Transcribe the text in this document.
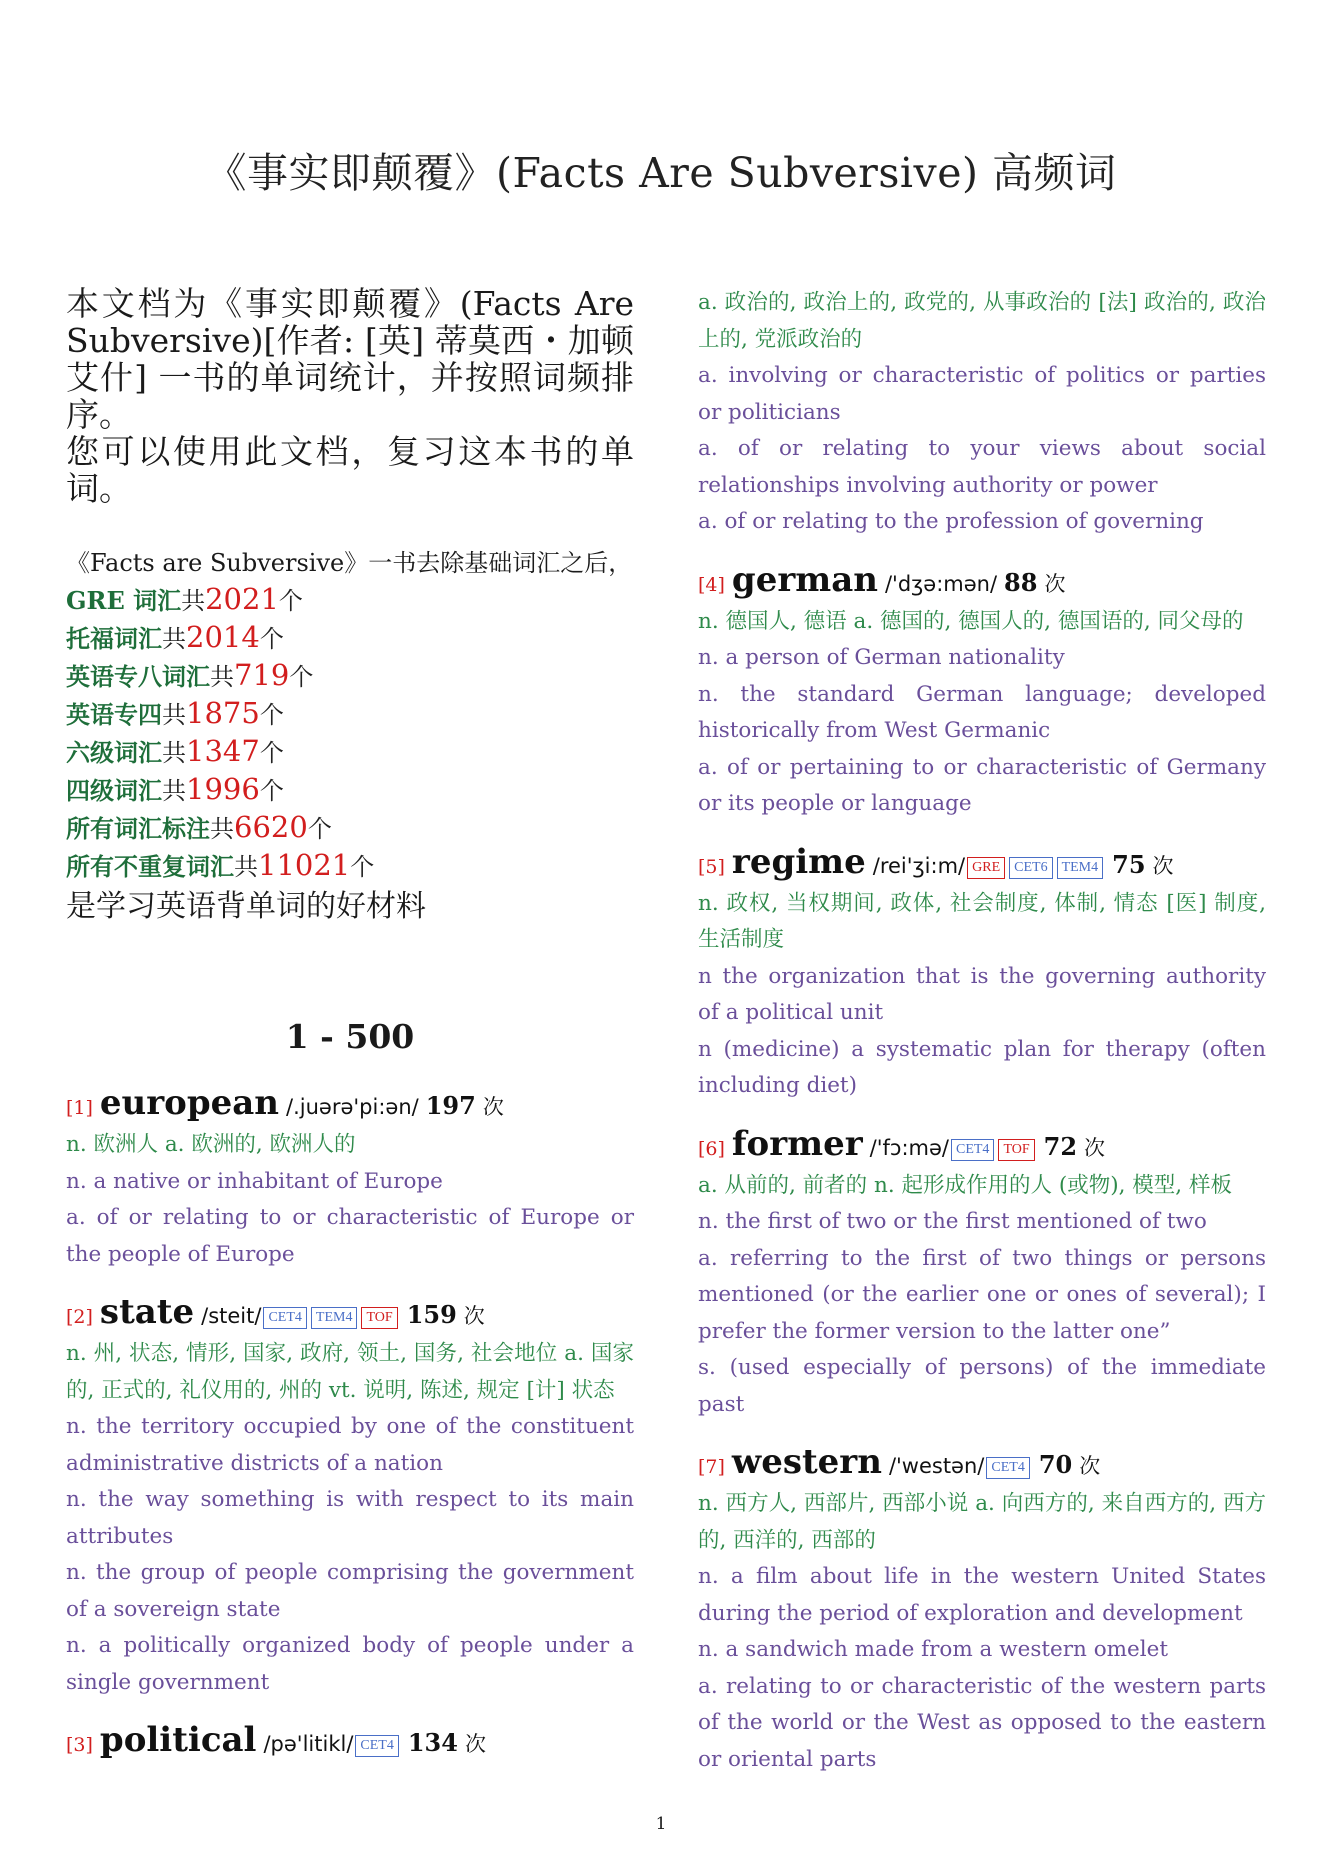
《事实即颠覆》(Facts Are Subversive) 高频词

本文档为《事实即颠覆》(Facts Are Subversive)[作者: [英] 蒂莫西・加顿艾什] 一书的单词统计，并按照词频排序。

您可以使用此文档，复习这本书的单词。

《Facts are Subversive》一书去除基础词汇之后，
GRE 词汇共2021个
托福词汇共2014个
英语专八词汇共719个
英语专四共1875个
六级词汇共1347个
四级词汇共1996个
所有词汇标注共6620个
所有不重复词汇共11021个
是学习英语背单词的好材料
1 - 500
[1] european /.juərə'pi:ən/ 197 次

n. 欧洲人 a. 欧洲的, 欧洲人的

n. a native or inhabitant of Europe

a. of or relating to or characteristic of Europe or the people of Europe

[2] state /steit/ CET4 TEM4 TOF 159 次

n. 州, 状态, 情形, 国家, 政府, 领土, 国务, 社会地位 a. 国家的, 正式的, 礼仪用的, 州的 vt. 说明, 陈述, 规定 [计] 状态

n. the territory occupied by one of the constituent administrative districts of a nation

n. the way something is with respect to its main attributes

n. the group of people comprising the government of a sovereign state

n. a politically organized body of people under a single government

[3] political /pə'litikl/ CET4 134 次

a. 政治的, 政治上的, 政党的, 从事政治的 [法] 政治的, 政治上的, 党派政治的

a. involving or characteristic of politics or parties or politicians

a. of or relating to your views about social relationships involving authority or power

a. of or relating to the profession of governing

[4] german /'dʒə:mən/ 88 次

n. 德国人, 德语 a. 德国的, 德国人的, 德国语的, 同父母的

n. a person of German nationality

n. the standard German language; developed historically from West Germanic

a. of or pertaining to or characteristic of Germany or its people or language

[5] regime /rei'ʒi:m/ GRE CET6 TEM4 75 次

n. 政权, 当权期间, 政体, 社会制度, 体制, 情态 [医] 制度, 生活制度

n the organization that is the governing authority of a political unit

n (medicine) a systematic plan for therapy (often including diet)

[6] former /'fɔ:mə/ CET4 TOF 72 次

a. 从前的, 前者的 n. 起形成作用的人 (或物), 模型, 样板

n. the first of two or the first mentioned of two

a. referring to the first of two things or persons mentioned (or the earlier one or ones of several); I prefer the former version to the latter one”

s. (used especially of persons) of the immediate past

[7] western /'westən/ CET4 70 次

n. 西方人, 西部片, 西部小说 a. 向西方的, 来自西方的, 西方的, 西洋的, 西部的

n. a film about life in the western United States during the period of exploration and development

n. a sandwich made from a western omelet

a. relating to or characteristic of the western parts of the world or the West as opposed to the eastern or oriental parts

1
